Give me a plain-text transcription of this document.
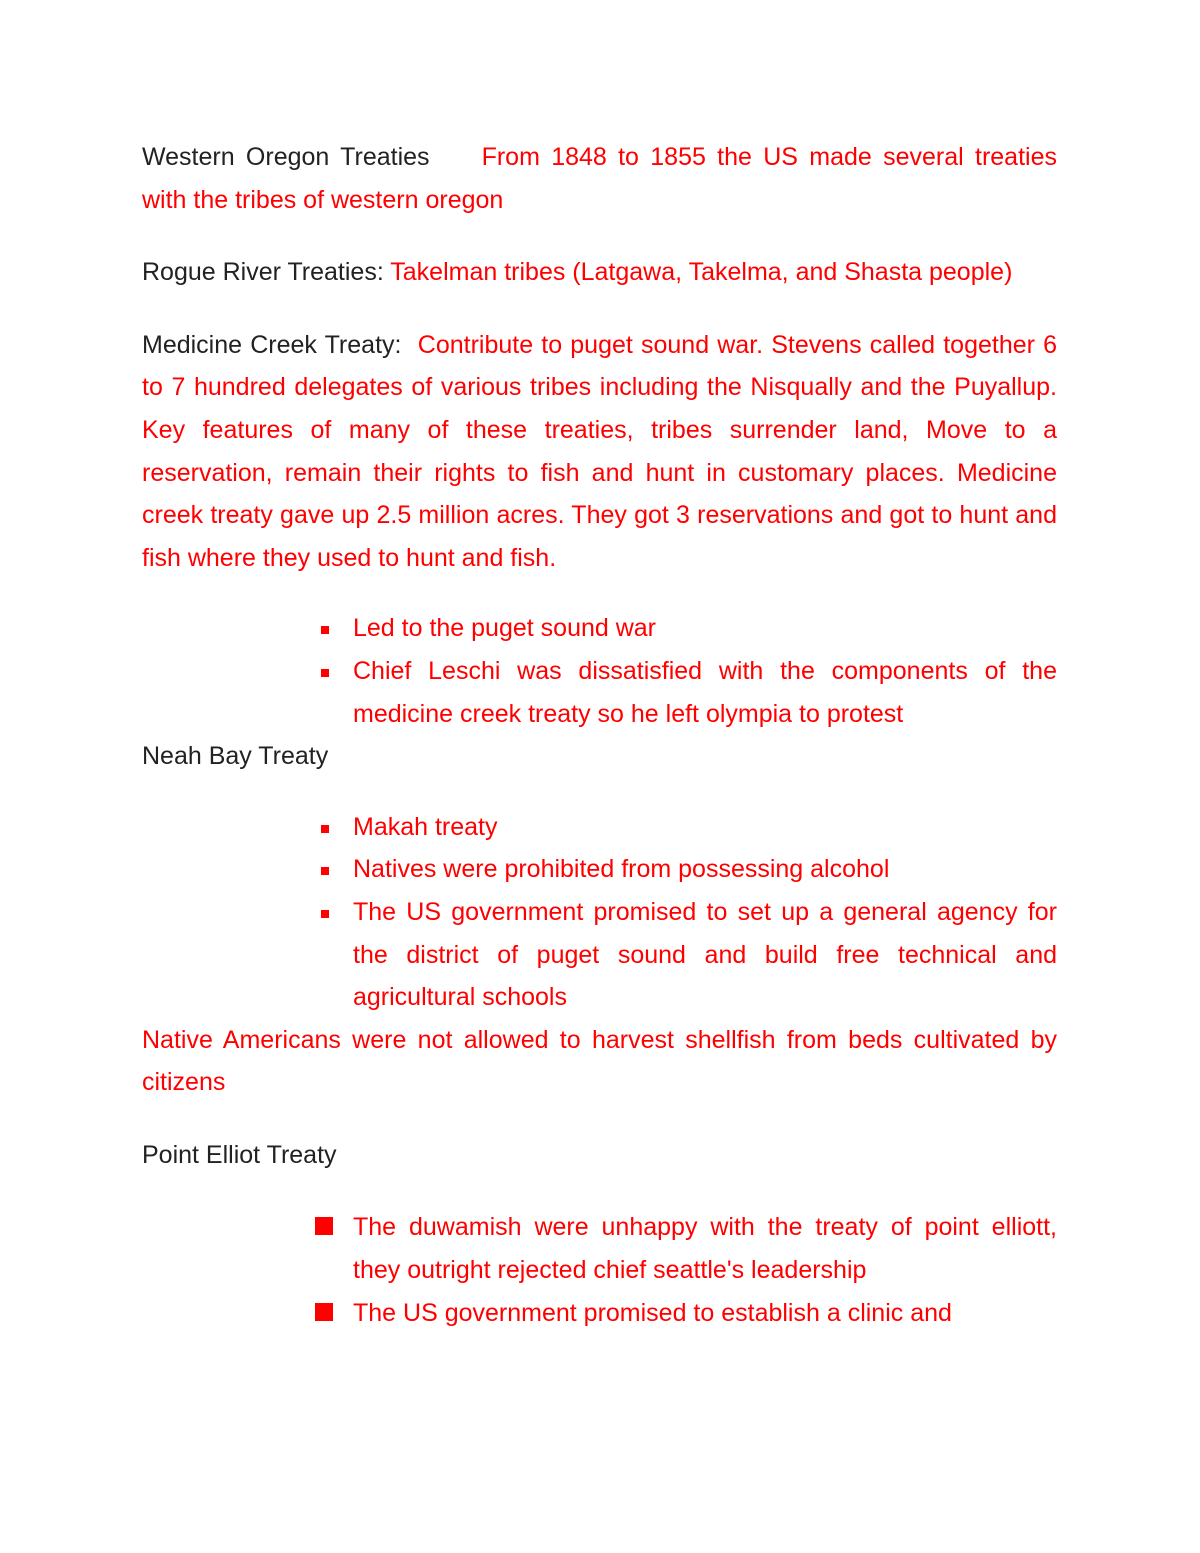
Western Oregon Treaties From 1848 to 1855 the US made several treaties with the tribes of western oregon

Rogue River Treaties: Takelman tribes (Latgawa, Takelma, and Shasta people)

Medicine Creek Treaty: Contribute to puget sound war. Stevens called together 6 to 7 hundred delegates of various tribes including the Nisqually and the Puyallup. Key features of many of these treaties, tribes surrender land, Move to a reservation, remain their rights to fish and hunt in customary places. Medicine creek treaty gave up 2.5 million acres. They got 3 reservations and got to hunt and fish where they used to hunt and fish.

Led to the puget sound war
Chief Leschi was dissatisfied with the components of the medicine creek treaty so he left olympia to protest

Neah Bay Treaty

Makah treaty
Natives were prohibited from possessing alcohol
The US government promised to set up a general agency for the district of puget sound and build free technical and agricultural schools

Native Americans were not allowed to harvest shellfish from beds cultivated by citizens

Point Elliot Treaty

The duwamish were unhappy with the treaty of point elliott, they outright rejected chief seattle's leadership
The US government promised to establish a clinic and
